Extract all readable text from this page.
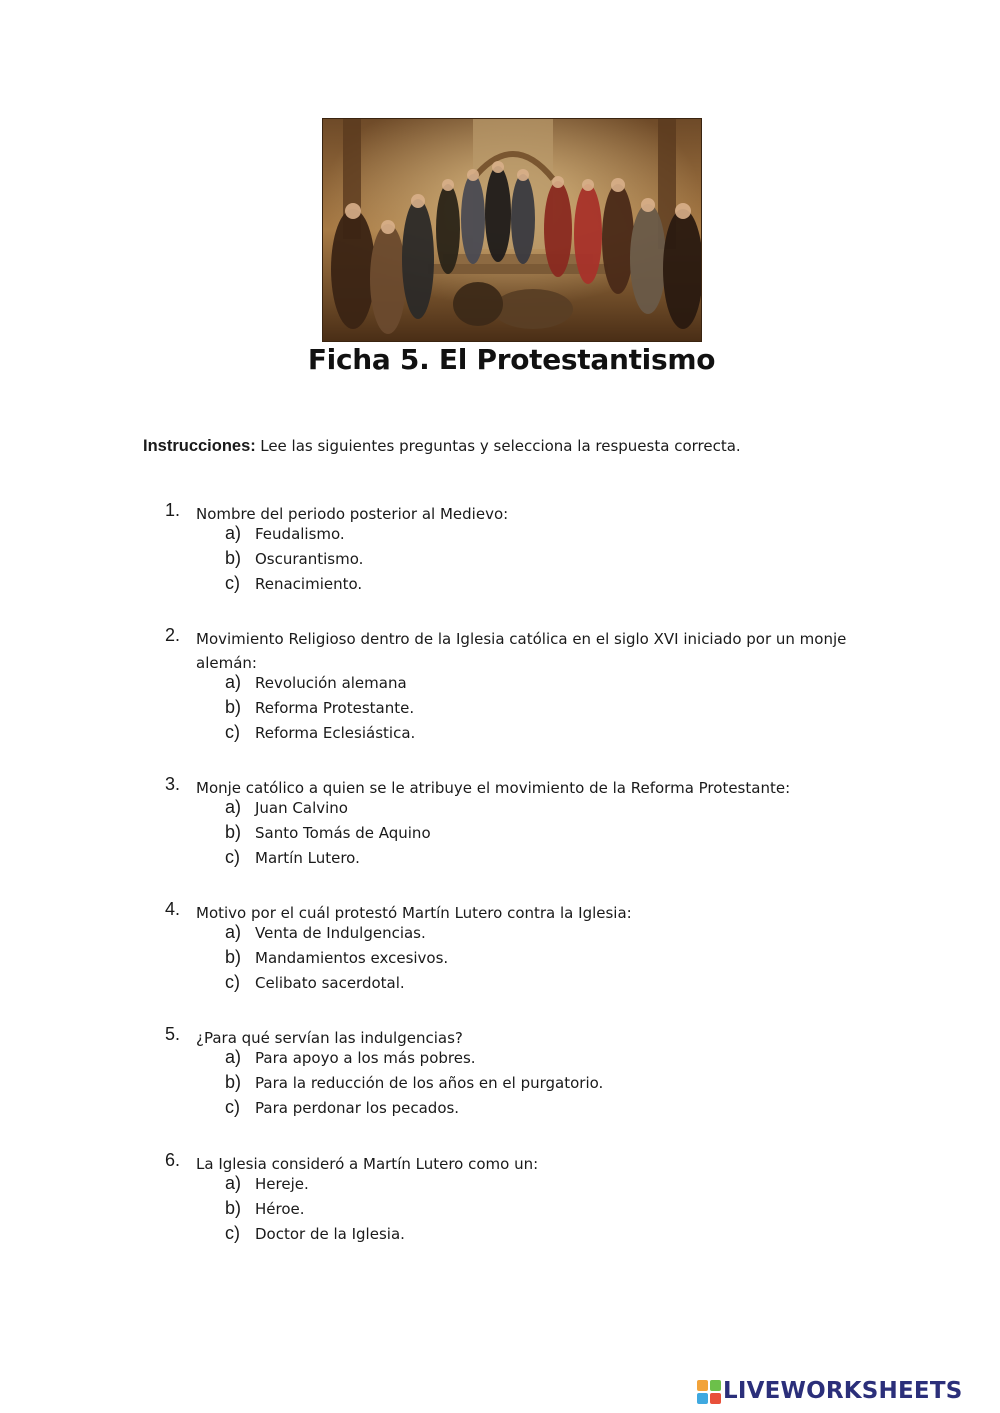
Ficha 5. El Protestantismo
Instrucciones: Lee las siguientes preguntas y selecciona la respuesta correcta.
1. Nombre del periodo posterior al Medievo:
a) Feudalismo.
b) Oscurantismo.
c)	Renacimiento.
2. Movimiento Religioso dentro de la Iglesia católica en el siglo XVI iniciado por un monje alemán:
a) Revolución alemana
b) Reforma Protestante.
c)	Reforma Eclesiástica.
3. Monje católico a quien se le atribuye el movimiento de la Reforma Protestante:
a) Juan Calvino
b) Santo Tomás de Aquino
c)	Martín Lutero.
4. Motivo por el cuál protestó Martín Lutero contra la Iglesia:
a) Venta de Indulgencias.
b) Mandamientos excesivos.
c)	Celibato sacerdotal.
5. ¿Para qué servían las indulgencias?
a) Para apoyo a los más pobres.
b) Para la reducción de los años en el purgatorio.
c)	Para perdonar los pecados.
6. La Iglesia consideró a Martín Lutero como un:
a) Hereje.
b) Héroe.
c)	Doctor de la Iglesia.
LIVEWORKSHEETS
